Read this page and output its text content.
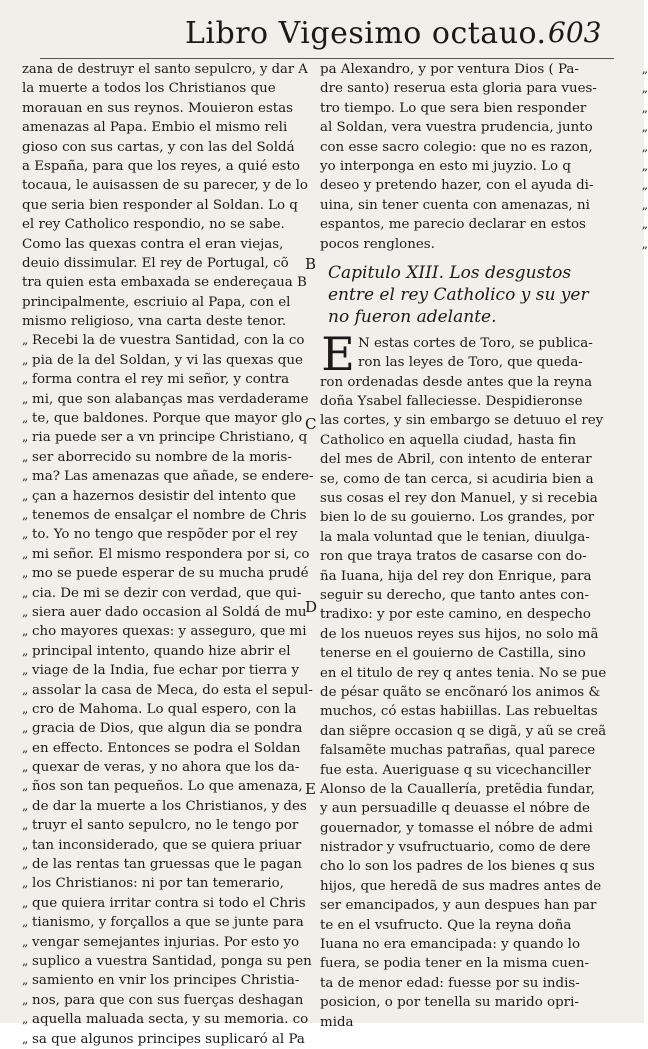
Libro Vigesimo octauo. 603
zana de destruyr el santo sepulcro, y dar A
la muerte a todos los Christianos que
morauan en sus reynos. Mouieron estas
amenazas al Papa. Embio el mismo reli
gioso con sus cartas, y con las del Soldá
a España, para que los reyes, a quié esto
tocaua, le auisassen de su parecer, y de lo
que seria bien responder al Soldan. Lo q
el rey Catholico respondio, no se sabe.
Como las quexas contra el eran viejas,
deuio dissimular. El rey de Portugal, cõ
tra quien esta embaxada se endereçaua B
principalmente, escriuio al Papa, con el
mismo religioso, vna carta deste tenor.
„ Recebi la de vuestra Santidad, con la co
„ pia de la del Soldan, y vi las quexas que
„ forma contra el rey mi señor, y contra
„ mi, que son alabanças mas verdaderame
„ te, que baldones. Porque que mayor glo
„ ria puede ser a vn principe Christiano, q
„ ser aborrecido su nombre de la moris-
„ ma? Las amenazas que añade, se endere-
„ çan a hazernos desistir del intento que
„ tenemos de ensalçar el nombre de Chris
„ to. Yo no tengo que respõder por el rey
„ mi señor. El mismo respondera por si, co
„ mo se puede esperar de su mucha prudé
„ cia. De mi se dezir con verdad, que qui-
„ siera auer dado occasion al Soldá de mu
„ cho mayores quexas: y asseguro, que mi
„ principal intento, quando hize abrir el
„ viage de la India, fue echar por tierra y
„ assolar la casa de Meca, do esta el sepul-
„ cro de Mahoma. Lo qual espero, con la
„ gracia de Dios, que algun dia se pondra
„ en effecto. Entonces se podra el Soldan
„ quexar de veras, y no ahora que los da-
„ ños son tan pequeños. Lo que amenaza,
„ de dar la muerte a los Christianos, y des
„ truyr el santo sepulcro, no le tengo por
„ tan inconsiderado, que se quiera priuar
„ de las rentas tan gruessas que le pagan
„ los Christianos: ni por tan temerario,
„ que quiera irritar contra si todo el Chris
„ tianismo, y forçallos a que se junte para
„ vengar semejantes injurias. Por esto yo
„ suplico a vuestra Santidad, ponga su pen
„ samiento en vnir los principes Christia-
„ nos, para que con sus fuerças deshagan
„ aquella maluada secta, y su memoria. co
„ sa que algunos principes suplicaró al Pa
pa Alexandro, y por ventura Dios ( Pa-	„
dre santo) reserua esta gloria para vues-	„
tro tiempo. Lo que sera bien responder	„
al Soldan, vera vuestra prudencia, junto	„
con esse sacro colegio: que no es razon,	„
yo interponga en esto mi juyzio. Lo q	„
deseo y pretendo hazer, con el ayuda di-	„
uina, sin tener cuenta con amenazas, ni	„
espantos, me parecio declarar en estos	„
pocos renglones.	„
Capitulo XIII. Los desgustos
entre el rey Catholico y su yer
no fueron adelante.
E N estas cortes de Toro, se publica-
ron las leyes de Toro, que queda-
ron ordenadas desde antes que la reyna
doña Ysabel falleciesse. Despidieronse
las cortes, y sin embargo se detuuo el rey
Catholico en aquella ciudad, hasta fin
del mes de Abril, con intento de enterar
se, como de tan cerca, si acudiria bien a
sus cosas el rey don Manuel, y si recebia
bien lo de su gouierno. Los grandes, por
la mala voluntad que le tenian, diuulga-
ron que traya tratos de casarse con do-
ña Iuana, hija del rey don Enrique, para
seguir su derecho, que tanto antes con-
tradixo: y por este camino, en despecho
de los nueuos reyes sus hijos, no solo mã
tenerse en el gouierno de Castilla, sino
en el titulo de rey q antes tenia. No se pue
de pésar quãto se encõnaró los animos &
muchos, có estas habiillas. Las rebueltas
dan siẽpre occasion q se digã, y aũ se creã
falsamẽte muchas patrañas, qual parece
fue esta. Aueriguase q su vicechanciller
Alonso de la Cauallería, pretẽdia fundar,
y aun persuadille q deuasse el nóbre de
gouernador, y tomasse el nóbre de admi
nistrador y vsufructuario, como de dere
cho lo son los padres de los bienes q sus
hijos, que heredã de sus madres antes de
ser emancipados, y aun despues han par
te en el vsufructo. Que la reyna doña
Iuana no era emancipada: y quando lo
fuera, se podia tener en la misma cuen-
ta de menor edad: fuesse por su indis-
posicion, o por tenella su marido opri-
mida
B
C
D
E
